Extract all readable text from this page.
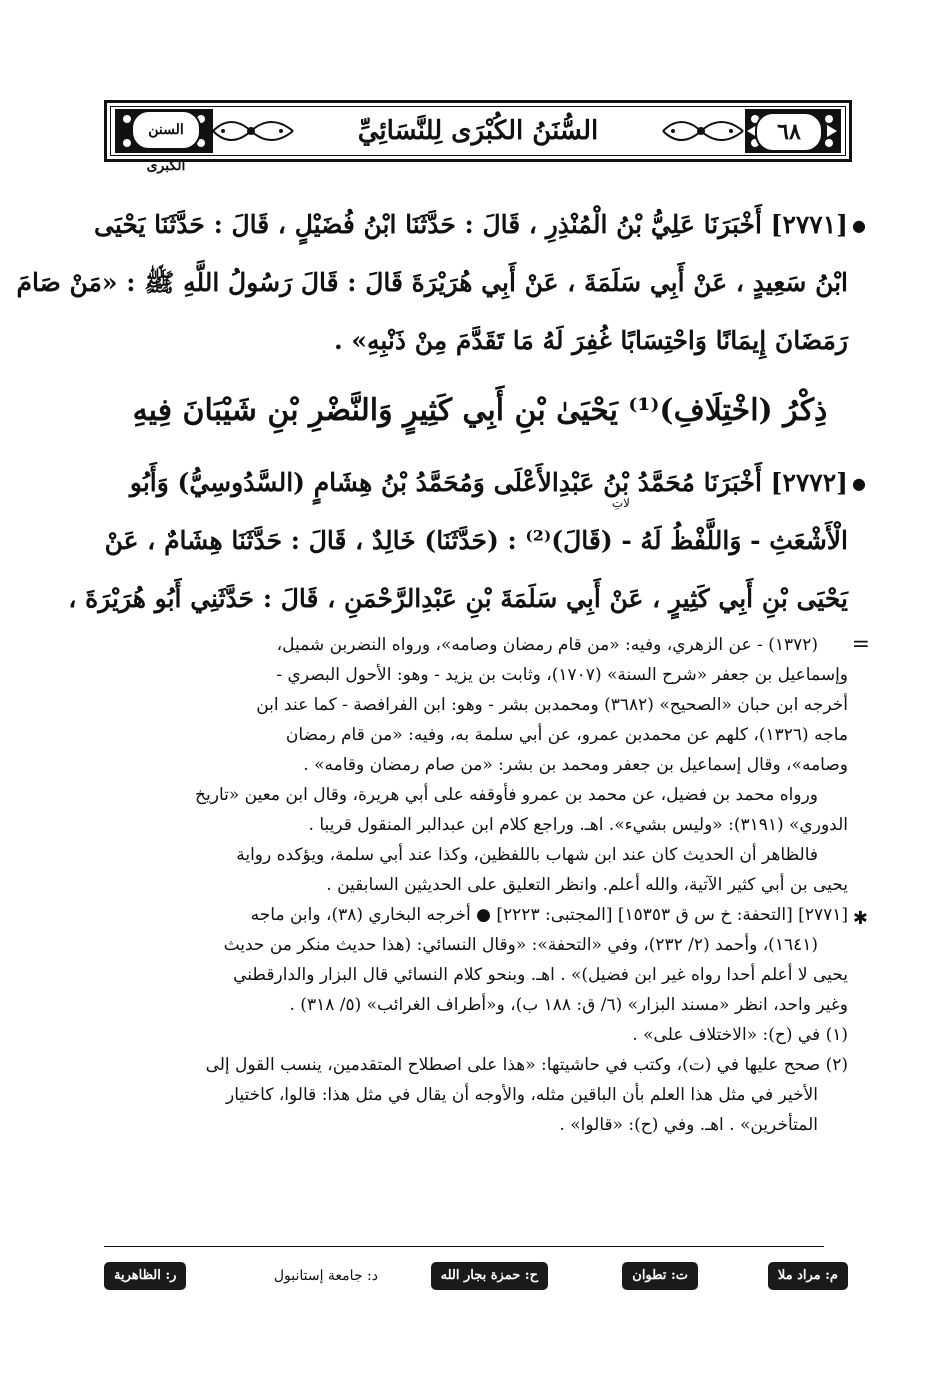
٦٨
السُّنَنُ الكُبْرَى لِلنَّسَائِيِّ
السنن الكبرى
●
[٢٧٧١] أَخْبَرَنَا عَلِيُّ بْنُ الْمُنْذِرِ ، قَالَ : حَدَّثَنَا ابْنُ فُضَيْلٍ ، قَالَ : حَدَّثَنَا يَحْيَى
ابْنُ سَعِيدٍ ، عَنْ أَبِي سَلَمَةَ ، عَنْ أَبِي هُرَيْرَةَ قَالَ : قَالَ رَسُولُ اللَّهِ ﷺ : «مَنْ صَامَ
رَمَضَانَ إِيمَانًا وَاحْتِسَابًا غُفِرَ لَهُ مَا تَقَدَّمَ مِنْ ذَنْبِهِ» .
ذِكْرُ (اخْتِلَافِ)⁽¹⁾ يَحْيَىٰ بْنِ أَبِي كَثِيرٍ وَالنَّضْرِ بْنِ شَيْبَانَ فِيهِ
●
لاتِ
[٢٧٧٢] أَخْبَرَنَا مُحَمَّدُ بْنُ عَبْدِالأَعْلَى وَمُحَمَّدُ بْنُ هِشَامٍ (السَّدُوسِيُّ) وَأَبُو
الْأَشْعَثِ - وَاللَّفْظُ لَهُ - (قَالَ)⁽²⁾ : (حَدَّثَنَا) خَالِدٌ ، قَالَ : حَدَّثَنَا هِشَامٌ ، عَنْ
يَحْيَى بْنِ أَبِي كَثِيرٍ ، عَنْ أَبِي سَلَمَةَ بْنِ عَبْدِالرَّحْمَنِ ، قَالَ : حَدَّثَنِي أَبُو هُرَيْرَةَ ،
=
(١٣٧٢) - عن الزهري، وفيه: «من قام رمضان وصامه»، ورواه النضربن شميل،
وإسماعيل بن جعفر «شرح السنة» (١٧٠٧)، وثابت بن يزيد - وهو: الأحول البصري -
أخرجه ابن حبان «الصحيح» (٣٦٨٢) ومحمدبن بشر - وهو: ابن الفرافصة - كما عند ابن
ماجه (١٣٢٦)، كلهم عن محمدبن عمرو، عن أبي سلمة به، وفيه: «من قام رمضان
وصامه»، وقال إسماعيل بن جعفر ومحمد بن بشر: «من صام رمضان وقامه» .
ورواه محمد بن فضيل، عن محمد بن عمرو فأوقفه على أبي هريرة، وقال ابن معين «تاريخ
الدوري» (٣١٩١): «وليس بشيء». اهـ. وراجع كلام ابن عبدالبر المنقول قريبا .
فالظاهر أن الحديث كان عند ابن شهاب باللفظين، وكذا عند أبي سلمة، ويؤكده رواية
يحيى بن أبي كثير الآتية، والله أعلم. وانظر التعليق على الحديثين السابقين .
✱
[٢٧٧١] [التحفة: خ س ق ١٥٣٥٣] [المجتبى: ٢٢٢٣] ● أخرجه البخاري (٣٨)، وابن ماجه
(١٦٤١)، وأحمد (٢/ ٢٣٢)، وفي «التحفة»: «وقال النسائي: (هذا حديث منكر من حديث
يحيى لا أعلم أحدا رواه غير ابن فضيل)» . اهـ. وبنحو كلام النسائي قال البزار والدارقطني
وغير واحد، انظر «مسند البزار» (٦/ ق: ١٨٨ ب)، و«أطراف الغرائب» (٥/ ٣١٨) .
(١) في (ح): «الاختلاف على» .
(٢) صحح عليها في (ت)، وكتب في حاشيتها: «هذا على اصطلاح المتقدمين، ينسب القول إلى
الأخير في مثل هذا العلم بأن الباقين مثله، والأوجه أن يقال في مثل هذا: قالوا، كاختيار
المتأخرين» . اهـ. وفي (ح): «قالوا» .
م: مراد ملا
ت: تطوان
ح: حمزة بجار الله
د: جامعة إستانبول
ر: الظاهرية
